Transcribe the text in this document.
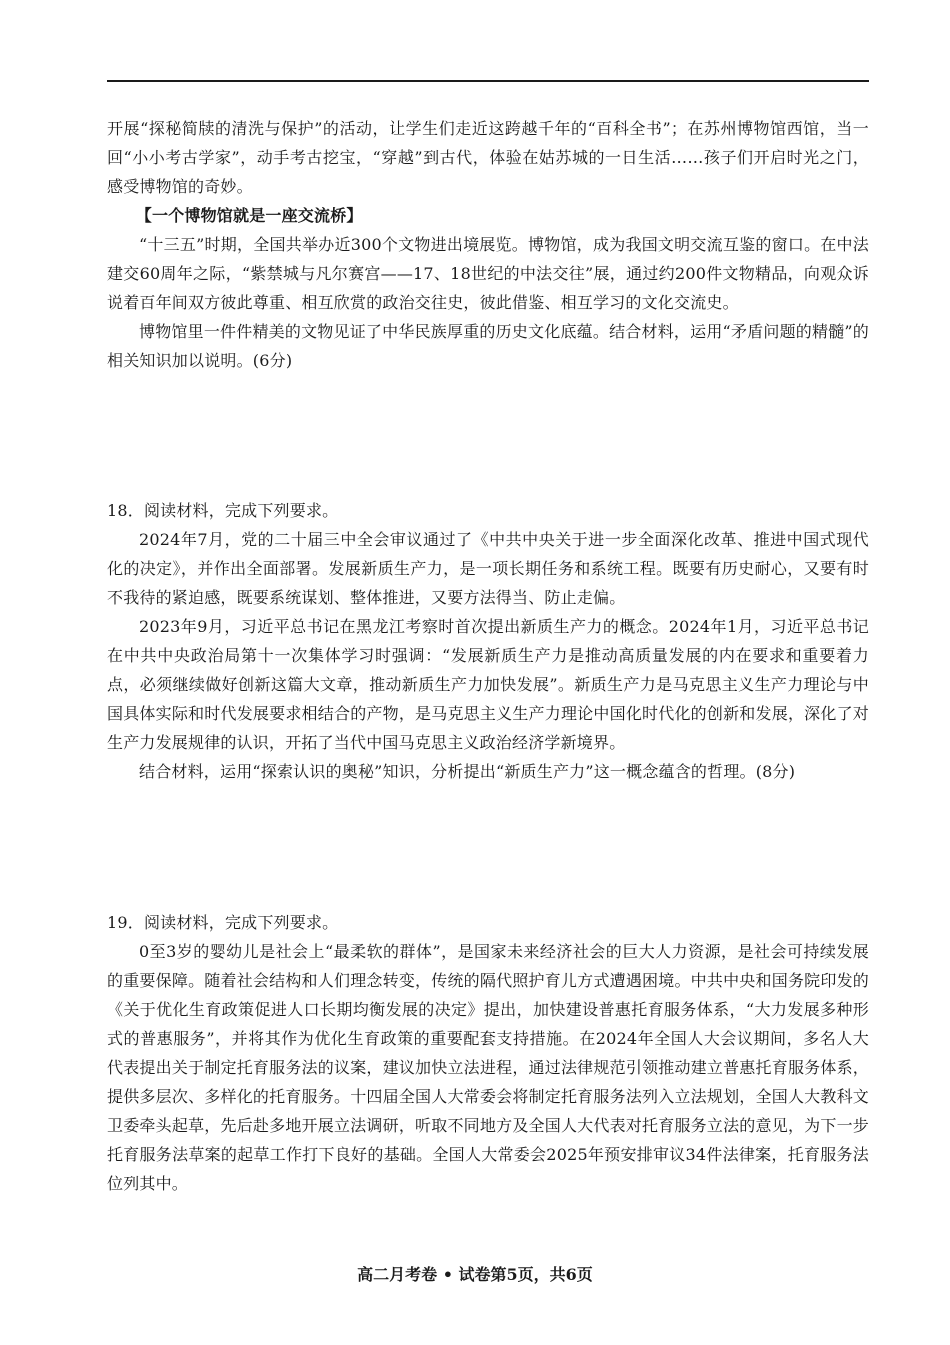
开展“探秘简牍的清洗与保护”的活动，让学生们走近这跨越千年的“百科全书”；在苏州博物馆西馆，当一回“小小考古学家”，动手考古挖宝，“穿越”到古代，体验在姑苏城的一日生活……孩子们开启时光之门，感受博物馆的奇妙。

【一个博物馆就是一座交流桥】

“十三五”时期，全国共举办近300个文物进出境展览。博物馆，成为我国文明交流互鉴的窗口。在中法建交60周年之际，“紫禁城与凡尔赛宫——17、18世纪的中法交往”展，通过约200件文物精品，向观众诉说着百年间双方彼此尊重、相互欣赏的政治交往史，彼此借鉴、相互学习的文化交流史。

博物馆里一件件精美的文物见证了中华民族厚重的历史文化底蕴。结合材料，运用“矛盾问题的精髓”的相关知识加以说明。(6分)

18．阅读材料，完成下列要求。

2024年7月，党的二十届三中全会审议通过了《中共中央关于进一步全面深化改革、推进中国式现代化的决定》，并作出全面部署。发展新质生产力，是一项长期任务和系统工程。既要有历史耐心，又要有时不我待的紧迫感，既要系统谋划、整体推进，又要方法得当、防止走偏。

2023年9月，习近平总书记在黑龙江考察时首次提出新质生产力的概念。2024年1月，习近平总书记在中共中央政治局第十一次集体学习时强调：“发展新质生产力是推动高质量发展的内在要求和重要着力点，必须继续做好创新这篇大文章，推动新质生产力加快发展”。新质生产力是马克思主义生产力理论与中国具体实际和时代发展要求相结合的产物，是马克思主义生产力理论中国化时代化的创新和发展，深化了对生产力发展规律的认识，开拓了当代中国马克思主义政治经济学新境界。

结合材料，运用“探索认识的奥秘”知识，分析提出“新质生产力”这一概念蕴含的哲理。(8分)

19．阅读材料，完成下列要求。

0至3岁的婴幼儿是社会上“最柔软的群体”，是国家未来经济社会的巨大人力资源，是社会可持续发展的重要保障。随着社会结构和人们理念转变，传统的隔代照护育儿方式遭遇困境。中共中央和国务院印发的《关于优化生育政策促进人口长期均衡发展的决定》提出，加快建设普惠托育服务体系，“大力发展多种形式的普惠服务”，并将其作为优化生育政策的重要配套支持措施。在2024年全国人大会议期间，多名人大代表提出关于制定托育服务法的议案，建议加快立法进程，通过法律规范引领推动建立普惠托育服务体系，提供多层次、多样化的托育服务。十四届全国人大常委会将制定托育服务法列入立法规划，全国人大教科文卫委牵头起草，先后赴多地开展立法调研，听取不同地方及全国人大代表对托育服务立法的意见，为下一步托育服务法草案的起草工作打下良好的基础。全国人大常委会2025年预安排审议34件法律案，托育服务法位列其中。

高二月考卷 • 试卷第5页，共6页
